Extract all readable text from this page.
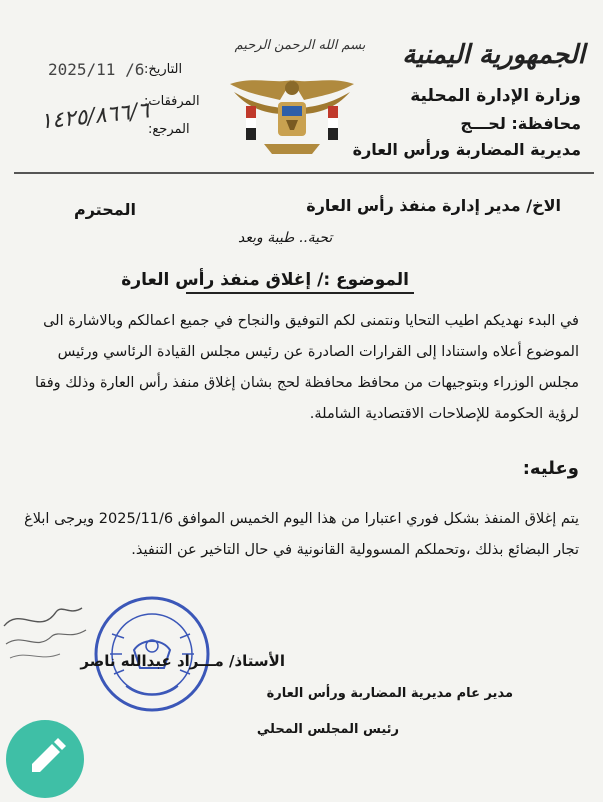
الجمهورية اليمنية
وزارة الإدارة المحلية
محافظة: لحـــج
مديرية المضاربة ورأس العارة
بسم الله الرحمن الرحيم
التاريخ:
2025/11 /6
المرفقات:
المرجع:
١٤٢٥/٨٦٦/٦
الاخ/ مدير إدارة منفذ رأس العارة
المحترم
تحية.. طيبة وبعد
الموضوع :/ إغلاق منفذ رأس العارة
في البدء نهديكم اطيب التحايا ونتمنى لكم التوفيق والنجاح في جميع اعمالكم وبالاشارة الى الموضوع أعلاه واستنادا إلى القرارات الصادرة عن رئيس مجلس القيادة الرئاسي ورئيس مجلس الوزراء وبتوجيهات من محافظ محافظة لحج بشان إغلاق منفذ رأس العارة وذلك وفقا لرؤية الحكومة للإصلاحات الاقتصادية الشاملة.
وعليه:
يتم إغلاق المنفذ بشكل فوري اعتبارا من هذا اليوم الخميس الموافق 2025/11/6 ويرجى ابلاغ تجار البضائع بذلك ،وتحملكم المسوولية القانونية في حال التاخير عن التنفيذ.
الأستاذ/ مـــراد عبدالله ناصر
مدير عام مديرية المضاربة ورأس العارة
رئيس المجلس المحلي
